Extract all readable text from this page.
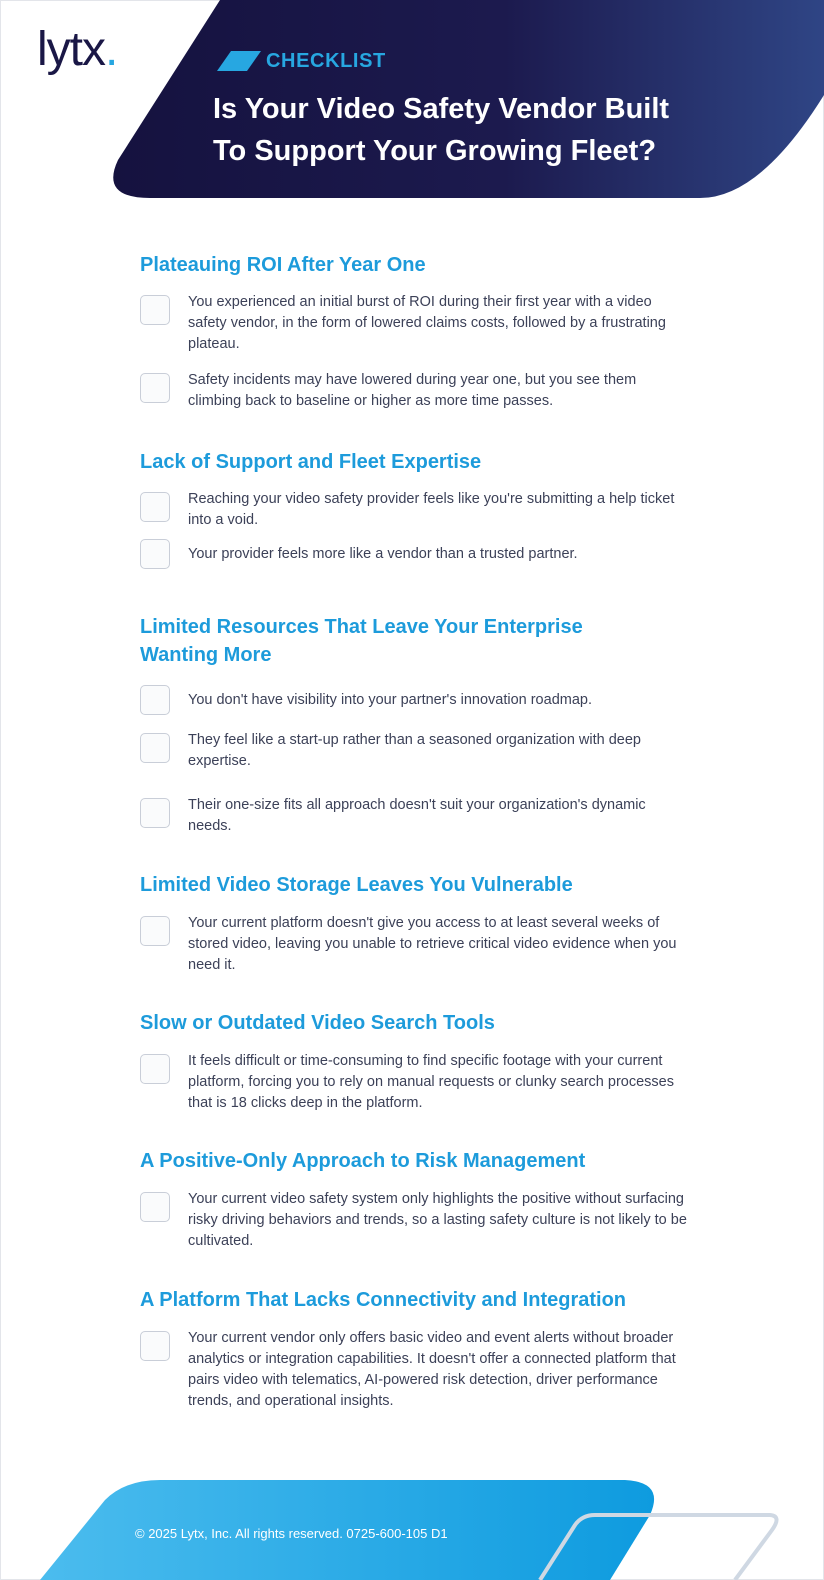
lytx.	CHECKLIST
Is Your Video Safety Vendor Built
To Support Your Growing Fleet?
Plateauing ROI After Year One
You experienced an initial burst of ROI during their first year with a video safety vendor, in the form of lowered claims costs, followed by a frustrating plateau.
Safety incidents may have lowered during year one, but you see them climbing back to baseline or higher as more time passes.
Lack of Support and Fleet Expertise
Reaching your video safety provider feels like you're submitting a help ticket into a void.
Your provider feels more like a vendor than a trusted partner.
Limited Resources That Leave Your Enterprise
Wanting More
You don't have visibility into your partner's innovation roadmap.
They feel like a start-up rather than a seasoned organization with deep expertise.
Their one-size fits all approach doesn't suit your organization's dynamic needs.
Limited Video Storage Leaves You Vulnerable
Your current platform doesn't give you access to at least several weeks of stored video, leaving you unable to retrieve critical video evidence when you need it.
Slow or Outdated Video Search Tools
It feels difficult or time-consuming to find specific footage with your current platform, forcing you to rely on manual requests or clunky search processes that is 18 clicks deep in the platform.
A Positive-Only Approach to Risk Management
Your current video safety system only highlights the positive without surfacing risky driving behaviors and trends, so a lasting safety culture is not likely to be cultivated.
A Platform That Lacks Connectivity and Integration
Your current vendor only offers basic video and event alerts without broader analytics or integration capabilities. It doesn't offer a connected platform that pairs video with telematics, AI-powered risk detection, driver performance trends, and operational insights.
© 2025 Lytx, Inc. All rights reserved. 0725-600-105 D1
